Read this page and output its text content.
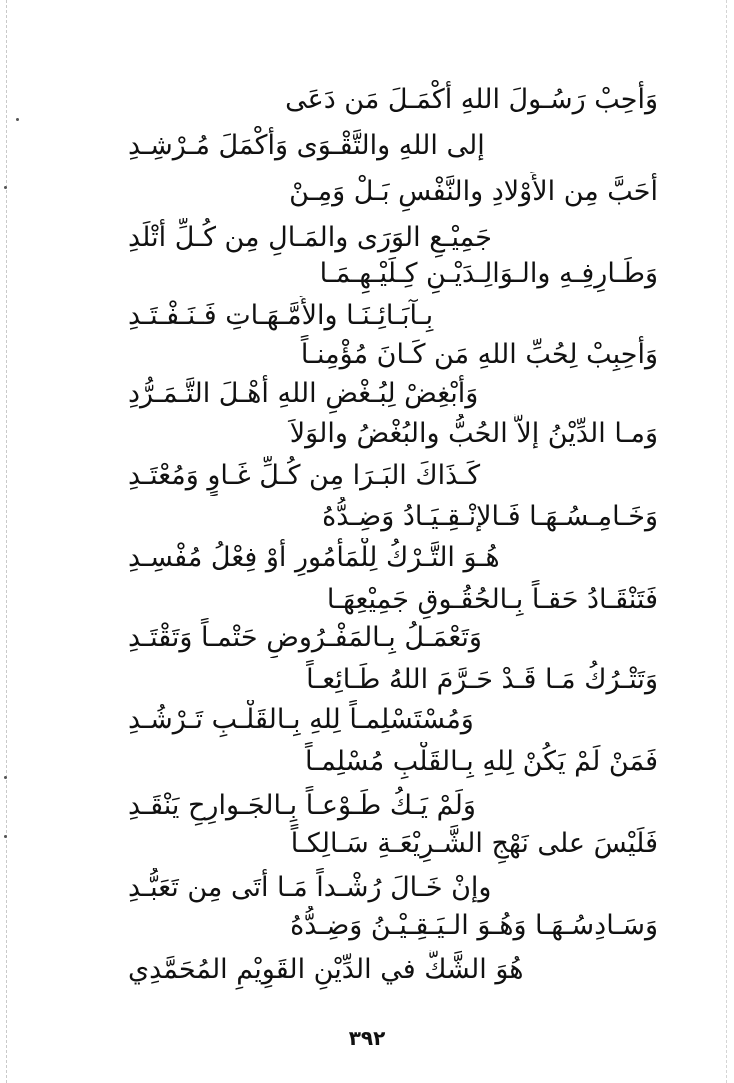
وَأحِبْ رَسُـولَ اللهِ أكْمَـلَ مَن دَعَى
إلى اللهِ والتَّقْـوَى وَأكْمَلَ مُـرْشِـدِ
أحَبَّ مِن الأَوْلادِ والنَّفْسِ بَـلْ وَمِـنْ
جَمِيْـعِ الوَرَى والمَـالِ مِن كُـلِّ أتْلَدِ
وَطَـارِفِـهِ والـوَالِـدَيْـنِ كِـلَيْـهِـمَـا
بِـآبَـائِـنَـا والأُمَّـهَـاتِ فَـنَـفْـتَـدِ
وَأحِبِبْ لِحُبِّ اللهِ مَن كَـانَ مُؤْمِنـاً
وَأبْغِضْ لِبُـغْضِ اللهِ أهْـلَ التَّـمَـرُّدِ
وَمـا الدِّيْنُ إلاَّ الحُبُّ والبُغْضُ والوَلاَ
كَـذَاكَ البَـرَا مِن كُـلِّ غَـاوٍ وَمُعْتَـدِ
وَخَـامِـسُـهَـا فَـالإنْـقِـيَـادُ وَضِـدُّهُ
هُـوَ التَّـرْكُ لِلْمَأمُورِ أوْ فِعْلُ مُفْسِـدِ
فَتَنْقَـادُ حَقـاً بِـالحُقُـوقِ جَمِيْعِهَـا
وَتَعْمَـلُ بِـالمَفْـرُوضِ حَتْمـاً وَتَقْتَـدِ
وَتَتْـرُكُ مَـا قَـدْ حَـرَّمَ اللهُ طَـائِعـاً
وَمُسْتَسْلِمـاً لِلهِ بِـالقَلْـبِ تَـرْشُـدِ
فَمَنْ لَمْ يَكُنْ لِلهِ بِـالقَلْبِ مُسْلِمـاً
وَلَمْ يَـكُ طَـوْعـاً بِـالجَـوارِحِ يَنْقَـدِ
فَلَيْسَ على نَهْجِ الشَّـرِيْعَـةِ سَـالِكـاً
وإنْ خَـالَ رُشْـداً مَـا أتَى مِن تَعَبُّـدِ
وَسَـادِسُـهَـا وَهُـوَ الـيَـقِـيْـنُ وَضِـدُّهُ
هُوَ الشَّكُّ في الدِّيْنِ القَوِيْمِ المُحَمَّدِي
٣٩٢
